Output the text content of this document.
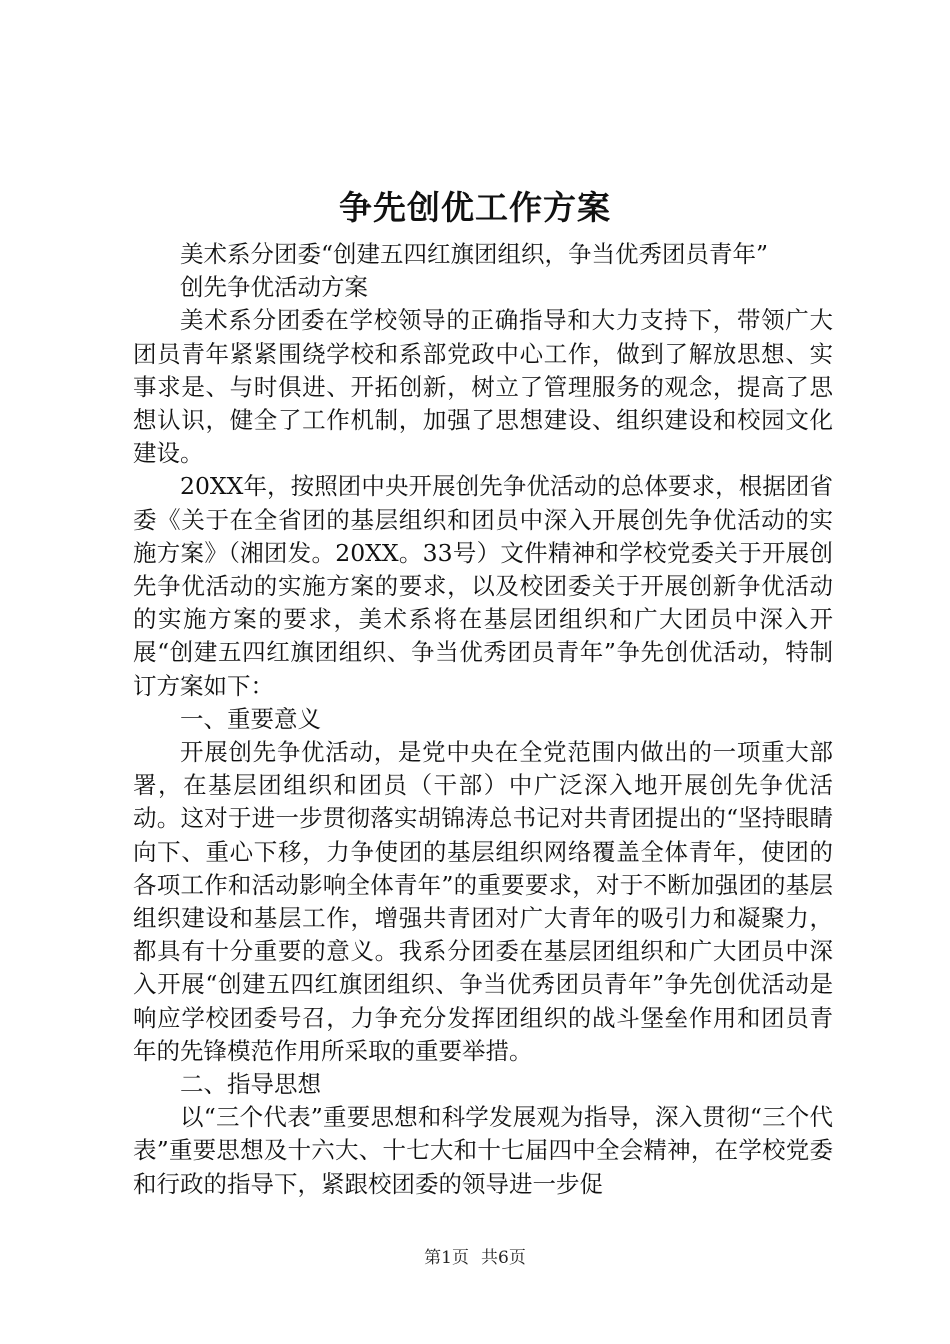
争先创优工作方案

美术系分团委“创建五四红旗团组织，争当优秀团员青年”

创先争优活动方案

美术系分团委在学校领导的正确指导和大力支持下，带领广大团员青年紧紧围绕学校和系部党政中心工作，做到了解放思想、实事求是、与时俱进、开拓创新，树立了管理服务的观念，提高了思想认识，健全了工作机制，加强了思想建设、组织建设和校园文化建设。

20XX年，按照团中央开展创先争优活动的总体要求，根据团省委《关于在全省团的基层组织和团员中深入开展创先争优活动的实施方案》（湘团发。20XX。33号）文件精神和学校党委关于开展创先争优活动的实施方案的要求，以及校团委关于开展创新争优活动的实施方案的要求，美术系将在基层团组织和广大团员中深入开展“创建五四红旗团组织、争当优秀团员青年”争先创优活动，特制订方案如下：

一、重要意义

开展创先争优活动，是党中央在全党范围内做出的一项重大部署，在基层团组织和团员（干部）中广泛深入地开展创先争优活动。这对于进一步贯彻落实胡锦涛总书记对共青团提出的“坚持眼睛向下、重心下移，力争使团的基层组织网络覆盖全体青年，使团的各项工作和活动影响全体青年”的重要要求，对于不断加强团的基层组织建设和基层工作，增强共青团对广大青年的吸引力和凝聚力，都具有十分重要的意义。我系分团委在基层团组织和广大团员中深入开展“创建五四红旗团组织、争当优秀团员青年”争先创优活动是响应学校团委号召，力争充分发挥团组织的战斗堡垒作用和团员青年的先锋模范作用所采取的重要举措。

二、指导思想

以“三个代表”重要思想和科学发展观为指导，深入贯彻“三个代表”重要思想及十六大、十七大和十七届四中全会精神，在学校党委和行政的指导下，紧跟校团委的领导进一步促

第1页 共6页
